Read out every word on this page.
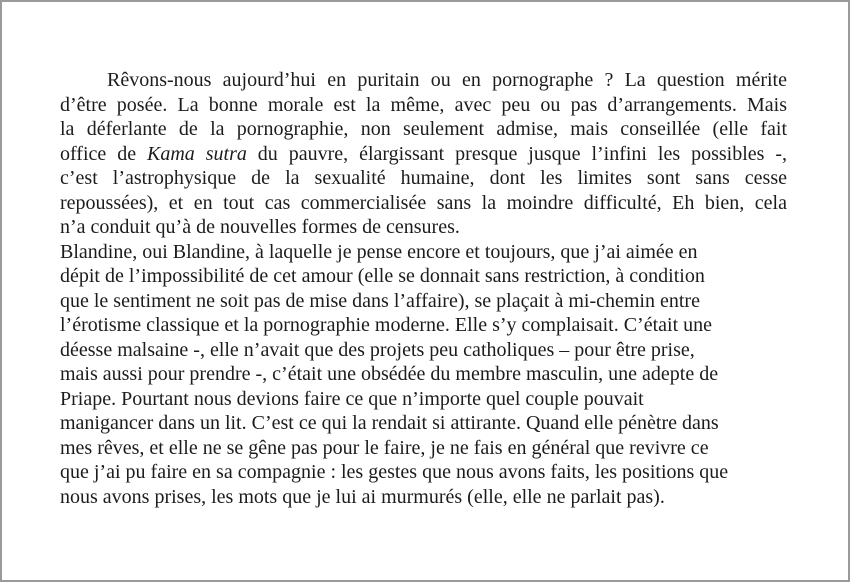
Rêvons-nous aujourd’hui en puritain ou en pornographe ? La question mérite
d’être posée. La bonne morale est la même, avec peu ou pas d’arrangements. Mais
la déferlante de la pornographie, non seulement admise, mais conseillée (elle fait
office de Kama sutra du pauvre, élargissant presque jusque l’infini les possibles -,
c’est l’astrophysique de la sexualité humaine, dont les limites sont sans cesse
repoussées), et en tout cas commercialisée sans la moindre difficulté, Eh bien, cela
n’a conduit qu’à de nouvelles formes de censures.
Blandine, oui Blandine, à laquelle je pense encore et toujours, que j’ai aimée en
dépit de l’impossibilité de cet amour (elle se donnait sans restriction, à condition
que le sentiment ne soit pas de mise dans l’affaire), se plaçait à mi-chemin entre
l’érotisme classique et la pornographie moderne. Elle s’y complaisait. C’était une
déesse malsaine -, elle n’avait que des projets peu catholiques – pour être prise,
mais aussi pour prendre -, c’était une obsédée du membre masculin, une adepte de
Priape. Pourtant nous devions faire ce que n’importe quel couple pouvait
manigancer dans un lit. C’est ce qui la rendait si attirante. Quand elle pénètre dans
mes rêves, et elle ne se gêne pas pour le faire, je ne fais en général que revivre ce
que j’ai pu faire en sa compagnie : les gestes que nous avons faits, les positions que
nous avons prises, les mots que je lui ai murmurés (elle, elle ne parlait pas).
